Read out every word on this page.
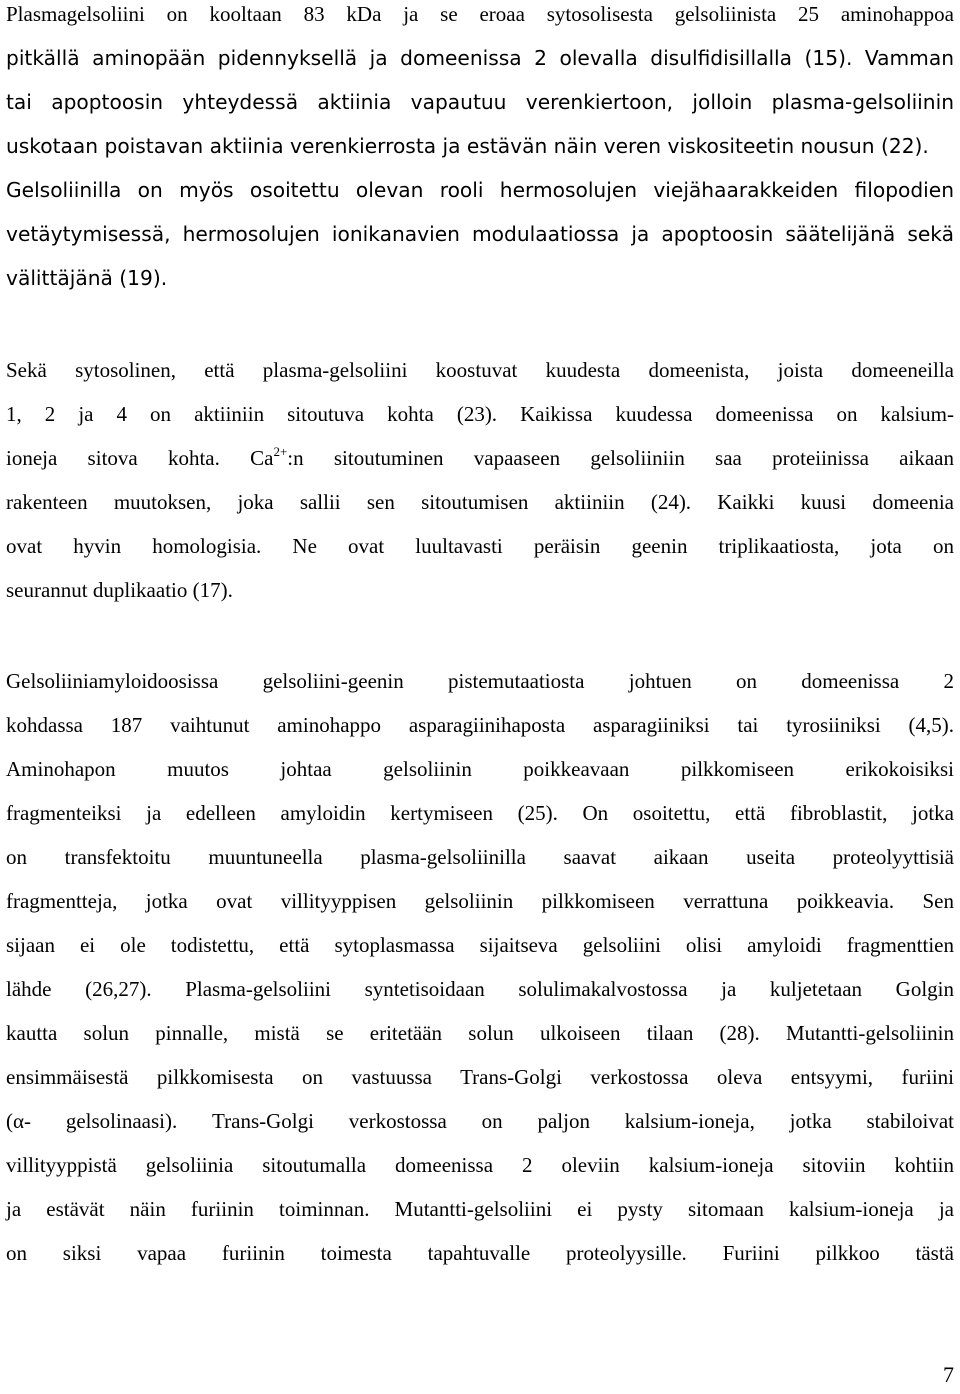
Plasmagelsoliini on kooltaan 83 kDa ja se eroaa sytosolisesta gelsoliinista 25 aminohappoa
pitkällä aminopään pidennyksellä ja domeenissa 2 olevalla disulfidisillalla (15). Vamman
tai apoptoosin yhteydessä aktiinia vapautuu verenkiertoon, jolloin plasma-gelsoliinin
uskotaan poistavan aktiinia verenkierrosta ja estävän näin veren viskositeetin nousun (22).
Gelsoliinilla on myös osoitettu olevan rooli hermosolujen viejähaarakkeiden filopodien
vetäytymisessä, hermosolujen ionikanavien modulaatiossa ja apoptoosin säätelijänä sekä
välittäjänä (19).
Sekä sytosolinen, että plasma-gelsoliini koostuvat kuudesta domeenista, joista domeeneilla
1, 2 ja 4 on aktiiniin sitoutuva kohta (23). Kaikissa kuudessa domeenissa on kalsium-
ioneja sitova kohta. $Ca^{2+}:n$ sitoutuminen vapaaseen gelsoliiniin saa proteiinissa aikaan
rakenteen muutoksen, joka sallii sen sitoutumisen aktiiniin (24). Kaikki kuusi domeenia
ovat hyvin homologisia. Ne ovat luultavasti peräisin geenin triplikaatiosta, jota on
seurannut duplikaatio (17).
Gelsoliiniamyloidoosissa gelsoliini-geenin pistemutaatiosta johtuen on domeenissa 2
kohdassa 187 vaihtunut aminohappo asparagiinihaposta asparagiiniksi tai tyrosiiniksi (4,5).
Aminohapon muutos johtaa gelsoliinin poikkeavaan pilkkomiseen erikokoisiksi
fragmenteiksi ja edelleen amyloidin kertymiseen (25). On osoitettu, että fibroblastit, jotka
on transfektoitu muuntuneella plasma-gelsoliinilla saavat aikaan useita proteolyyttisiä
fragmentteja, jotka ovat villityyppisen gelsoliinin pilkkomiseen verrattuna poikkeavia. Sen
sijaan ei ole todistettu, että sytoplasmassa sijaitseva gelsoliini olisi amyloidi fragmenttien
lähde (26,27). Plasma-gelsoliini syntetisoidaan solulimakalvostossa ja kuljetetaan Golgin
kautta solun pinnalle, mistä se eritetään solun ulkoiseen tilaan (28). Mutantti-gelsoliinin
ensimmäisestä pilkkomisesta on vastuussa Trans-Golgi verkostossa oleva entsyymi, furiini
(α- gelsolinaasi). Trans-Golgi verkostossa on paljon kalsium-ioneja, jotka stabiloivat
villityyppistä gelsoliinia sitoutumalla domeenissa 2 oleviin kalsium-ioneja sitoviin kohtiin
ja estävät näin furiinin toiminnan. Mutantti-gelsoliini ei pysty sitomaan kalsium-ioneja ja
on siksi vapaa furiinin toimesta tapahtuvalle proteolyysille. Furiini pilkkoo tästä
7
